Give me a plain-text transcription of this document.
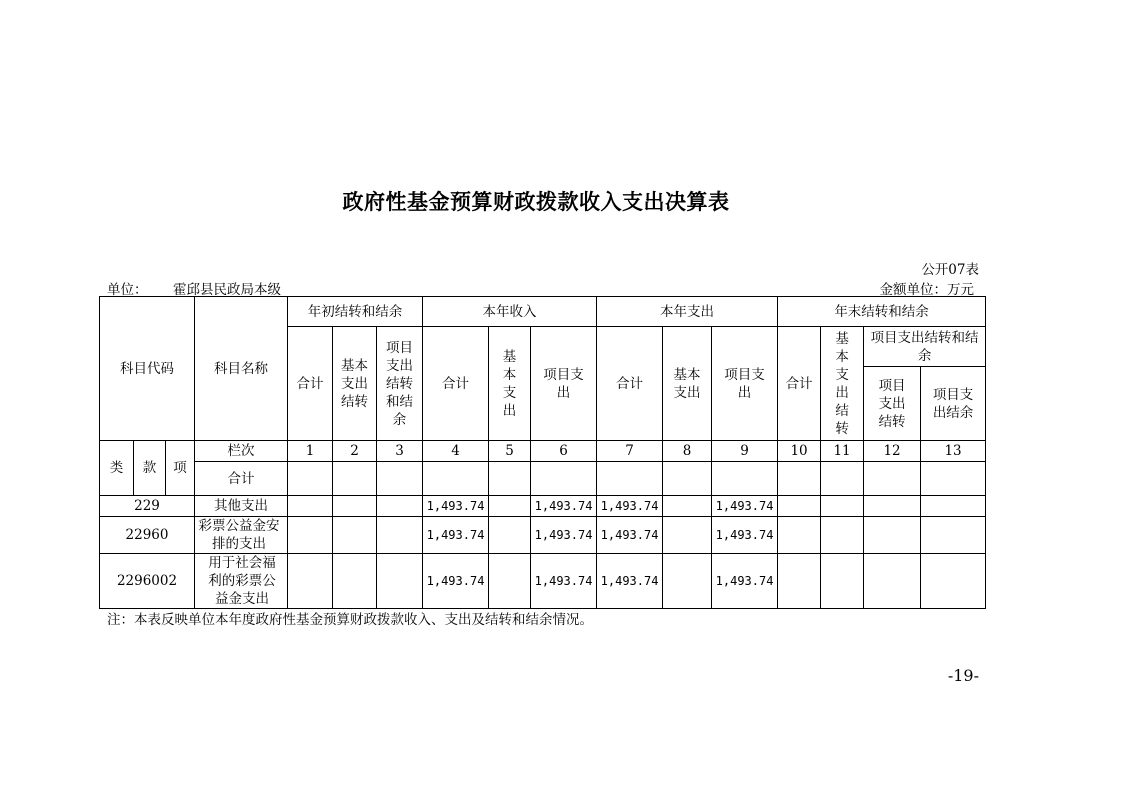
政府性基金预算财政拨款收入支出决算表
公开07表
单位： 霍邱县民政局本级	金额单位：万元
科目代码			科目名称	年初结转和结余			本年收入			本年支出			年末结转和结余			
				合计	基本支出结转	项目支出结转和结余	合计	基本支出	项目支出	合计	基本支出	项目支出	合计	基本支出结转	项目支出结转和结余	
															项目支出结转	项目支出结余
类	款	项	栏次	1	2	3	4	5	6	7	8	9	10	11	12	13
			合计													
229			其他支出				1,493.74		1,493.74	1,493.74		1,493.74				
22960			彩票公益金安排的支出				1,493.74		1,493.74	1,493.74		1,493.74				
2296002			用于社会福利的彩票公益金支出				1,493.74		1,493.74	1,493.74		1,493.74				
注：本表反映单位本年度政府性基金预算财政拨款收入、支出及结转和结余情况。
-19-
